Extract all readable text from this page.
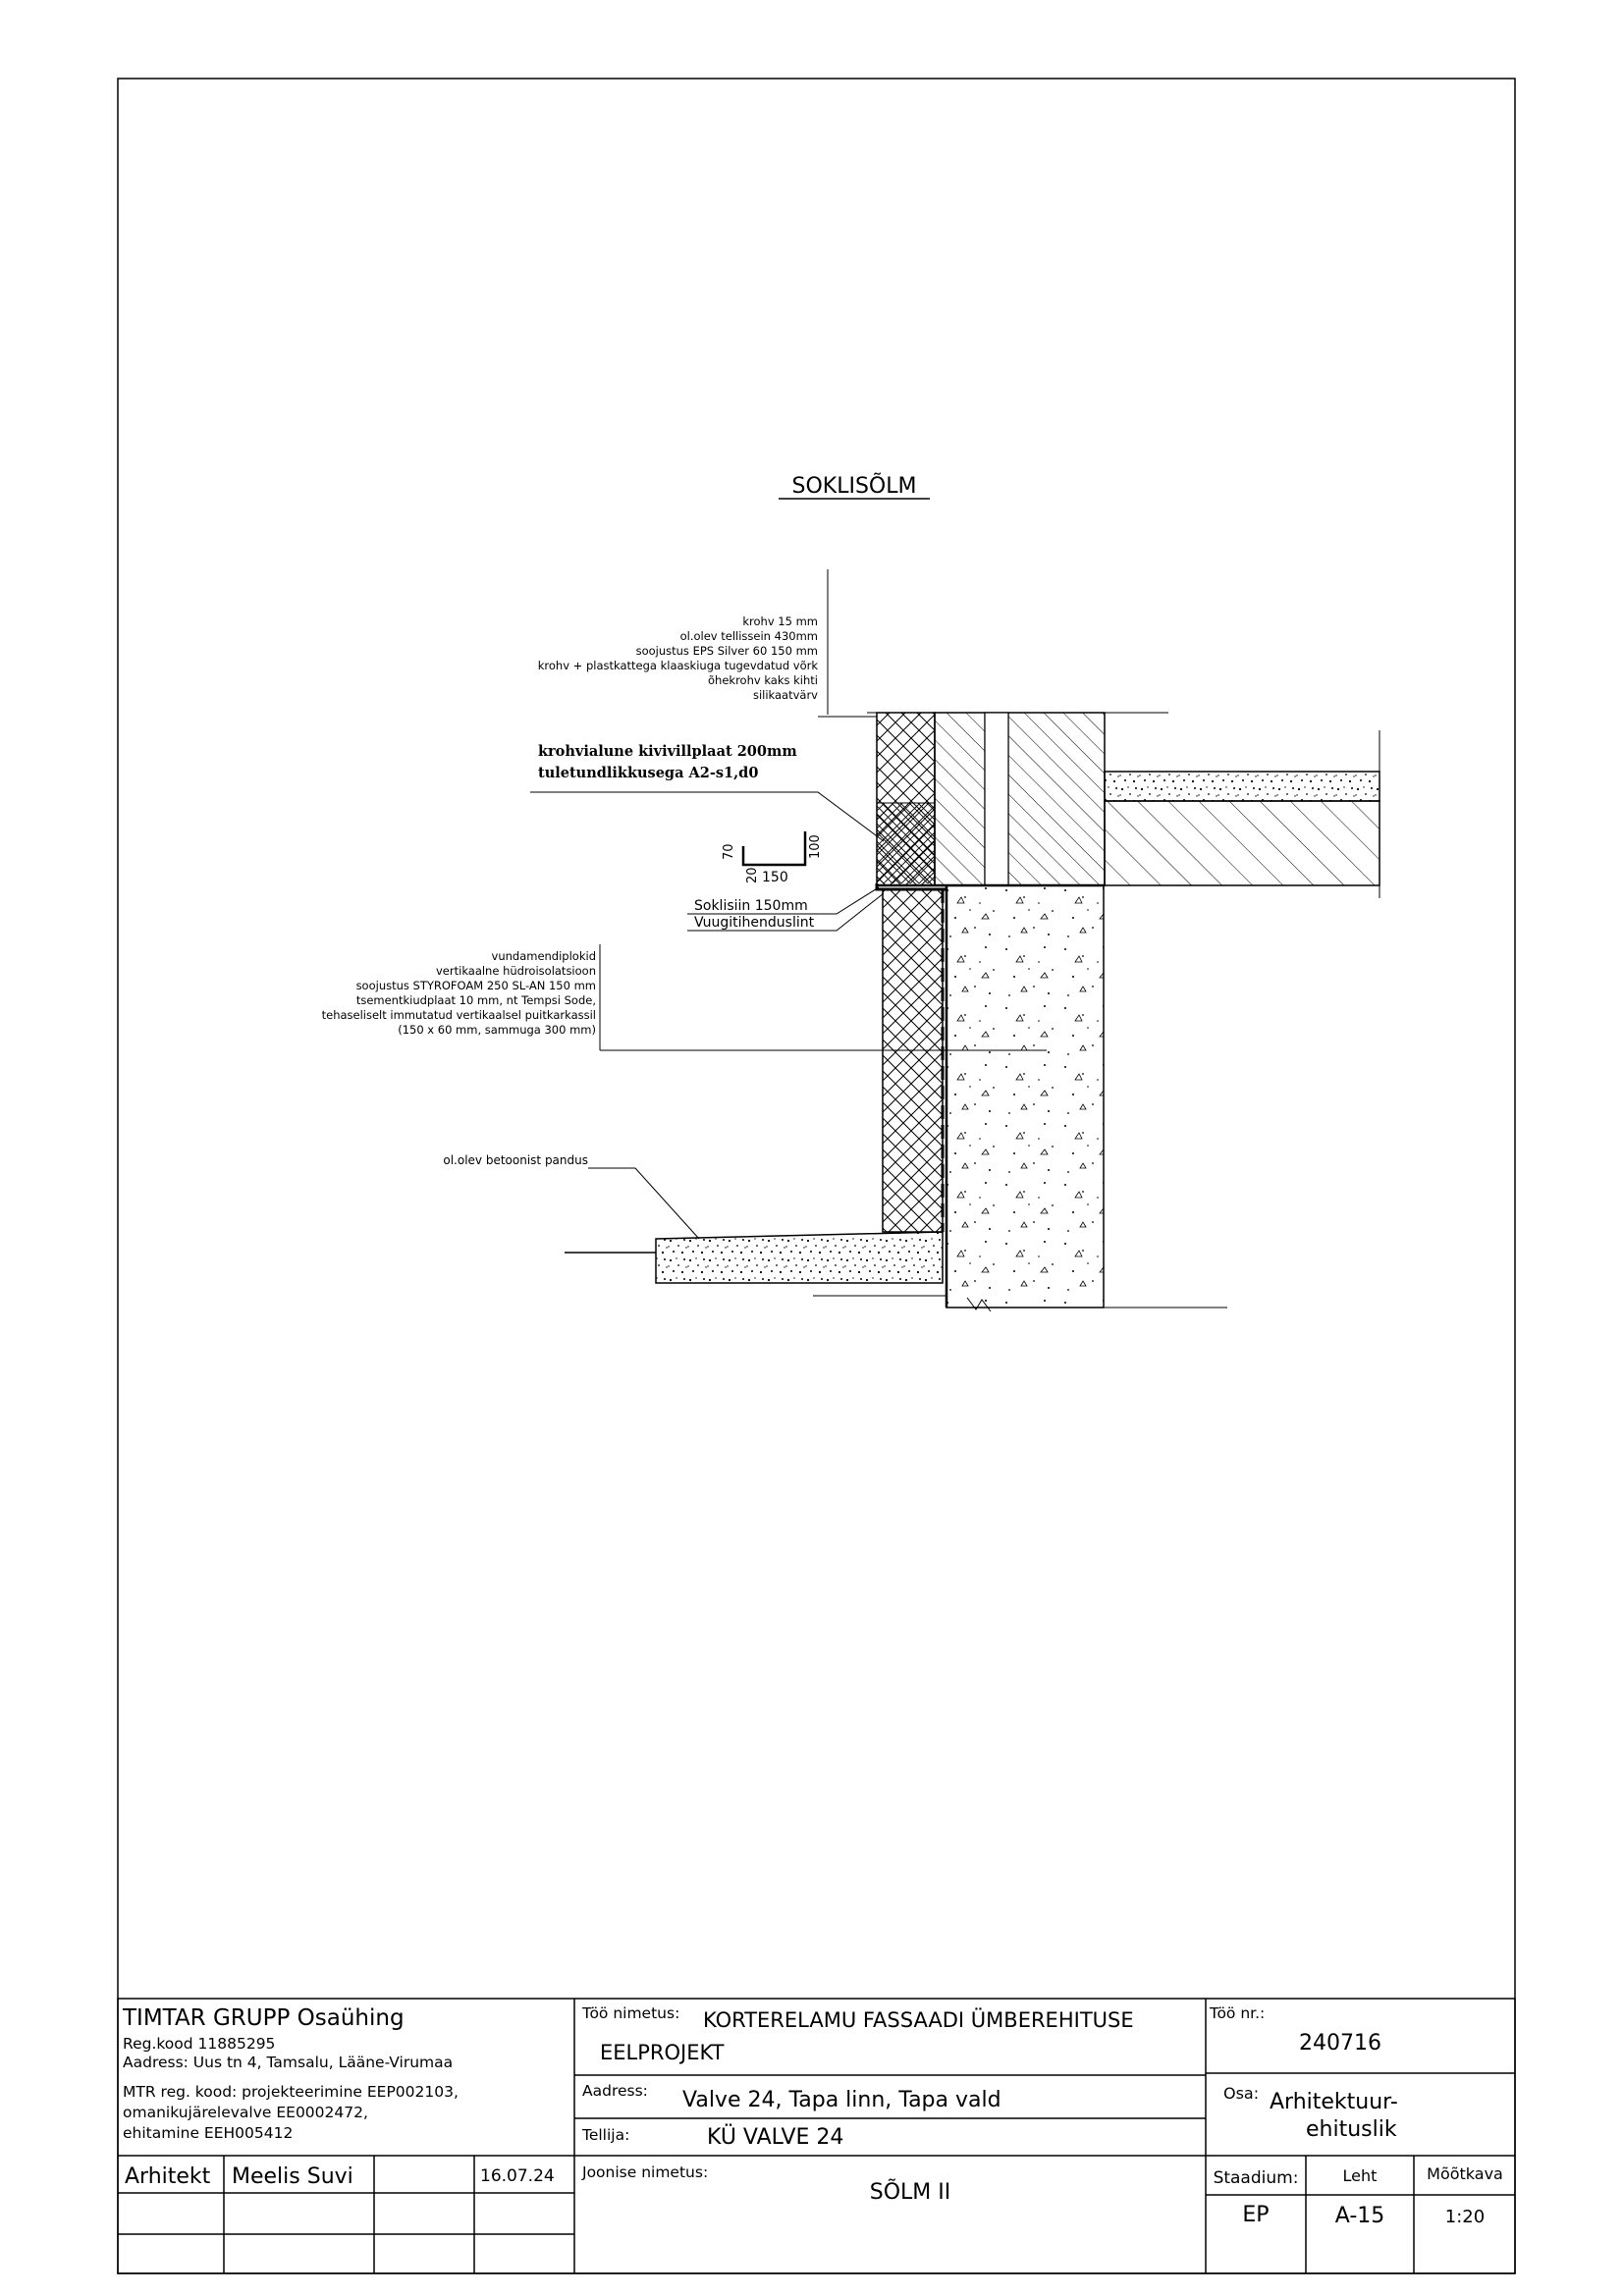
SOKLISÕLM
70	100
20 150
krohv 15 mm
ol.olev tellissein 430mm
soojustus EPS Silver 60 150 mm
krohv + plastkattega klaaskiuga tugevdatud võrk
õhekrohv kaks kihti
silikaatvärv
krohvialune kivivillplaat 200mm
tuletundlikkusega A2-s1,d0
Soklisiin 150mm
Vuugitihenduslint
vundamendiplokid
vertikaalne hüdroisolatsioon
soojustus STYROFOAM 250 SL-AN 150 mm
tsementkiudplaat 10 mm, nt Tempsi Sode,
tehaseliselt immutatud vertikaalsel puitkarkassil
(150 x 60 mm, sammuga 300 mm)
ol.olev betoonist pandus
TIMTAR GRUPP Osaühing
Reg.kood 11885295
Aadress: Uus tn 4, Tamsalu, Lääne-Virumaa
MTR reg. kood: projekteerimine EEP002103,
omanikujärelevalve EE0002472,
ehitamine EEH005412
Arhitekt Meelis Suvi	16.07.24
Töö nimetus: KORTERELAMU FASSAADI ÜMBEREHITUSE
EELPROJEKT
Aadress: Valve 24, Tapa linn, Tapa vald
Tellija:	KÜ VALVE 24
Joonise nimetus:
SÕLM II
Töö nr.:
240716
Osa: Arhitektuur-
ehituslik
Staadium:	Leht	Mõõtkava
EP	A-15	1:20
